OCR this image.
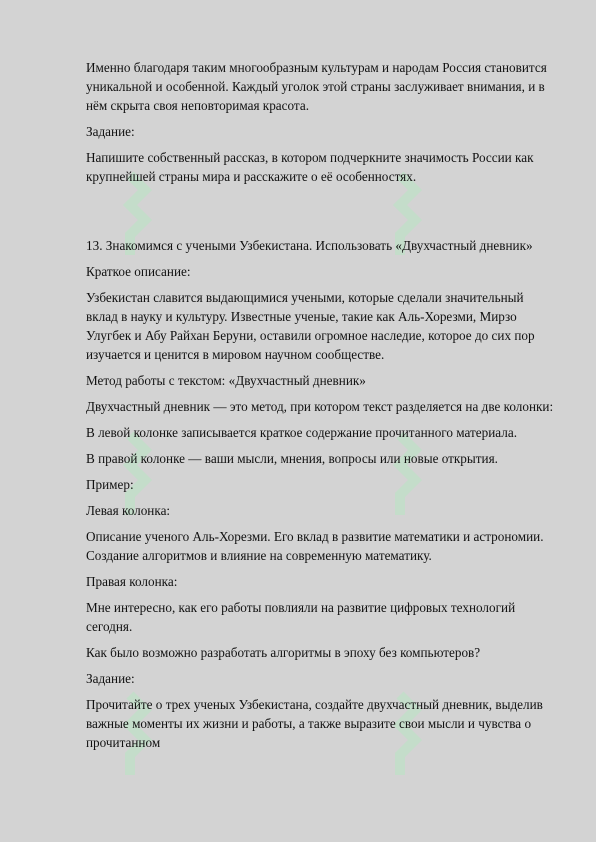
Именно благодаря таким многообразным культурам и народам Россия становится уникальной и особенной. Каждый уголок этой страны заслуживает внимания, и в нём скрыта своя неповторимая красота.

Задание:

Напишите собственный рассказ, в котором подчеркните значимость России как крупнейшей страны мира и расскажите о её особенностях.

13. Знакомимся с учеными Узбекистана. Использовать «Двухчастный дневник»

Краткое описание:

Узбекистан славится выдающимися учеными, которые сделали значительный вклад в науку и культуру. Известные ученые, такие как Аль-Хорезми, Мирзо Улугбек и Абу Райхан Беруни, оставили огромное наследие, которое до сих пор изучается и ценится в мировом научном сообществе.

Метод работы с текстом: «Двухчастный дневник»

Двухчастный дневник — это метод, при котором текст разделяется на две колонки:

В левой колонке записывается краткое содержание прочитанного материала.

В правой колонке — ваши мысли, мнения, вопросы или новые открытия.

Пример:

Левая колонка:

Описание ученого Аль-Хорезми. Его вклад в развитие математики и астрономии. Создание алгоритмов и влияние на современную математику.

Правая колонка:

Мне интересно, как его работы повлияли на развитие цифровых технологий сегодня.

Как было возможно разработать алгоритмы в эпоху без компьютеров?

Задание:

Прочитайте о трех ученых Узбекистана, создайте двухчастный дневник, выделив важные моменты их жизни и работы, а также выразите свои мысли и чувства о прочитанном
